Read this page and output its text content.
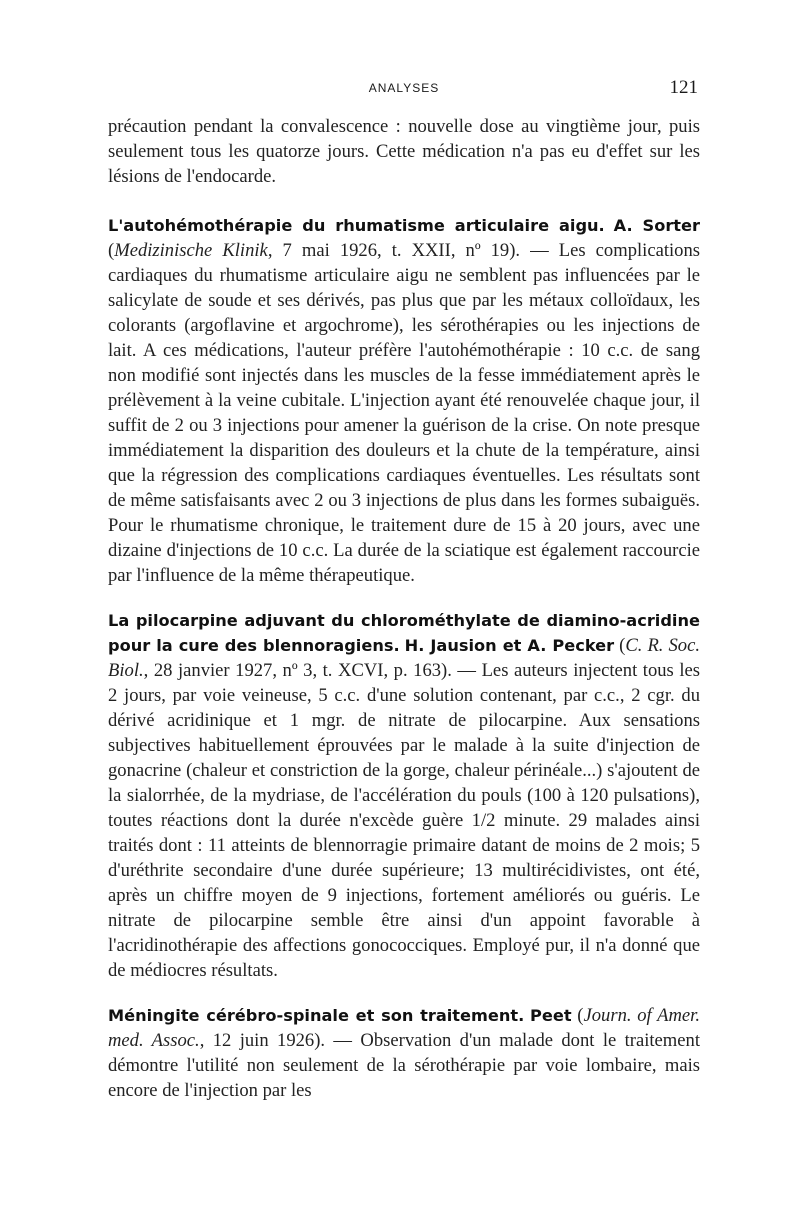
ANALYSES	121

précaution pendant la convalescence : nouvelle dose au vingtième jour, puis seulement tous les quatorze jours. Cette médication n'a pas eu d'effet sur les lésions de l'endocarde.

L'autohémothérapie du rhumatisme articulaire aigu. A. Sorter (Medizinische Klinik, 7 mai 1926, t. XXII, nº 19). — Les complications cardiaques du rhumatisme articulaire aigu ne semblent pas influencées par le salicylate de soude et ses dérivés, pas plus que par les métaux colloïdaux, les colorants (argoflavine et argochrome), les sérothérapies ou les injections de lait. A ces médications, l'auteur préfère l'autohémothérapie : 10 c.c. de sang non modifié sont injectés dans les muscles de la fesse immédiatement après le prélèvement à la veine cubitale. L'injection ayant été renouvelée chaque jour, il suffit de 2 ou 3 injections pour amener la guérison de la crise. On note presque immédiatement la disparition des douleurs et la chute de la température, ainsi que la régression des complications cardiaques éventuelles. Les résultats sont de même satisfaisants avec 2 ou 3 injections de plus dans les formes subaiguës. Pour le rhumatisme chronique, le traitement dure de 15 à 20 jours, avec une dizaine d'injections de 10 c.c. La durée de la sciatique est également raccourcie par l'influence de la même thérapeutique.

La pilocarpine adjuvant du chlorométhylate de diamino-acridine pour la cure des blennoragiens. H. Jausion et A. Pecker (C. R. Soc. Biol., 28 janvier 1927, nº 3, t. XCVI, p. 163). — Les auteurs injectent tous les 2 jours, par voie veineuse, 5 c.c. d'une solution contenant, par c.c., 2 cgr. du dérivé acridinique et 1 mgr. de nitrate de pilocarpine. Aux sensations subjectives habituellement éprouvées par le malade à la suite d'injection de gonacrine (chaleur et constriction de la gorge, chaleur périnéale...) s'ajoutent de la sialorrhée, de la mydriase, de l'accélération du pouls (100 à 120 pulsations), toutes réactions dont la durée n'excède guère 1/2 minute. 29 malades ainsi traités dont : 11 atteints de blennorragie primaire datant de moins de 2 mois; 5 d'uréthrite secondaire d'une durée supérieure; 13 multirécidivistes, ont été, après un chiffre moyen de 9 injections, fortement améliorés ou guéris. Le nitrate de pilocarpine semble être ainsi d'un appoint favorable à l'acridinothérapie des affections gonococciques. Employé pur, il n'a donné que de médiocres résultats.

Méningite cérébro-spinale et son traitement. Peet (Journ. of Amer. med. Assoc., 12 juin 1926). — Observation d'un malade dont le traitement démontre l'utilité non seulement de la sérothérapie par voie lombaire, mais encore de l'injection par les
